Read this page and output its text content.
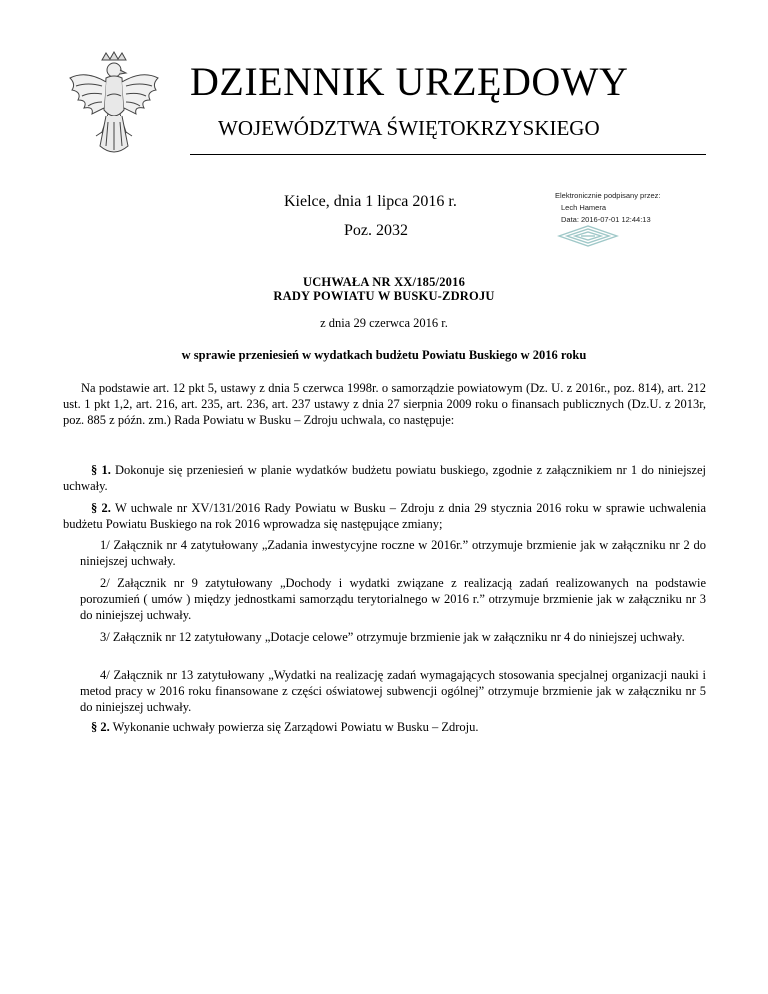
DZIENNIK URZĘDOWY
WOJEWÓDZTWA ŚWIĘTOKRZYSKIEGO
Kielce, dnia 1 lipca 2016 r.
Poz. 2032
Elektronicznie podpisany przez:
Lech Hamera
Data: 2016-07-01 12:44:13
UCHWAŁA NR XX/185/2016
RADY POWIATU W BUSKU-ZDROJU
z dnia 29 czerwca 2016 r.
w sprawie przeniesień w wydatkach budżetu Powiatu Buskiego w 2016 roku
Na podstawie art. 12 pkt 5, ustawy z dnia 5 czerwca 1998r. o samorządzie powiatowym (Dz. U. z 2016r., poz. 814), art. 212 ust. 1 pkt 1,2, art. 216, art. 235, art. 236, art. 237 ustawy z dnia 27 sierpnia 2009 roku o finansach publicznych (Dz.U. z 2013r, poz. 885 z późn. zm.) Rada Powiatu w Busku – Zdroju uchwala, co następuje:
§ 1. Dokonuje się przeniesień w planie wydatków budżetu powiatu buskiego, zgodnie z załącznikiem nr 1 do niniejszej uchwały.
§ 2. W uchwale nr XV/131/2016 Rady Powiatu w Busku – Zdroju z dnia 29 stycznia 2016 roku w sprawie uchwalenia budżetu Powiatu Buskiego na rok 2016 wprowadza się następujące zmiany;
1/ Załącznik nr 4 zatytułowany „Zadania inwestycyjne roczne w 2016r.” otrzymuje brzmienie jak w załączniku nr 2 do niniejszej uchwały.
2/ Załącznik nr 9 zatytułowany „Dochody i wydatki związane z realizacją zadań realizowanych na podstawie porozumień ( umów ) między jednostkami samorządu terytorialnego w 2016 r.” otrzymuje brzmienie jak w załączniku nr 3 do niniejszej uchwały.
3/ Załącznik nr 12 zatytułowany „Dotacje celowe” otrzymuje brzmienie jak w załączniku nr 4 do niniejszej uchwały.
4/ Załącznik nr 13 zatytułowany „Wydatki na realizację zadań wymagających stosowania specjalnej organizacji nauki i metod pracy w 2016 roku finansowane z części oświatowej subwencji ogólnej” otrzymuje brzmienie jak w załączniku nr 5 do niniejszej uchwały.
§ 2. Wykonanie uchwały powierza się Zarządowi Powiatu w Busku – Zdroju.
